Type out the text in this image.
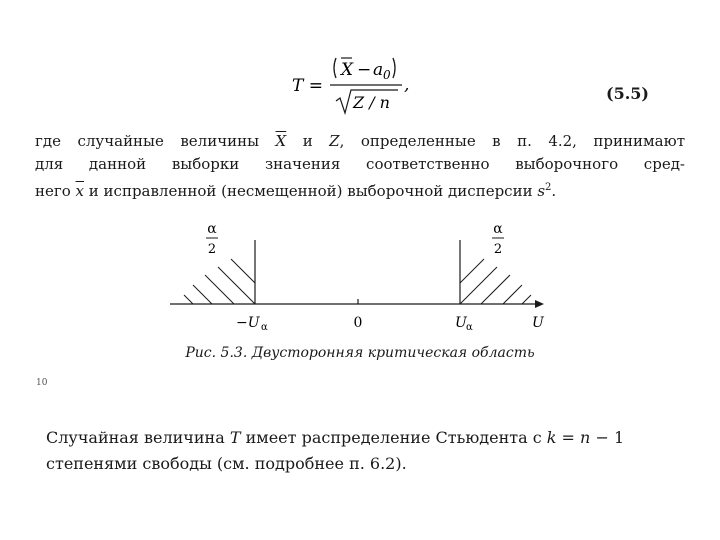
T =
X − a 0
Z / n
,	(5.5)
где случайные величины $\overline{X}$ и Z, определенные в п. 4.2, принимают
для данной выборки значения соответственно выборочного сред-
него $\overline{x}$ и исправленной (несмещенной) выборочной дисперсии $s^2$.
α
2
α
2
−U α	0	U α	U
Рис. 5.3. Двусторонняя критическая область
10
Случайная величина T имеет распределение Стьюдента с k = n − 1
степенями свободы (см. подробнее п. 6.2).
